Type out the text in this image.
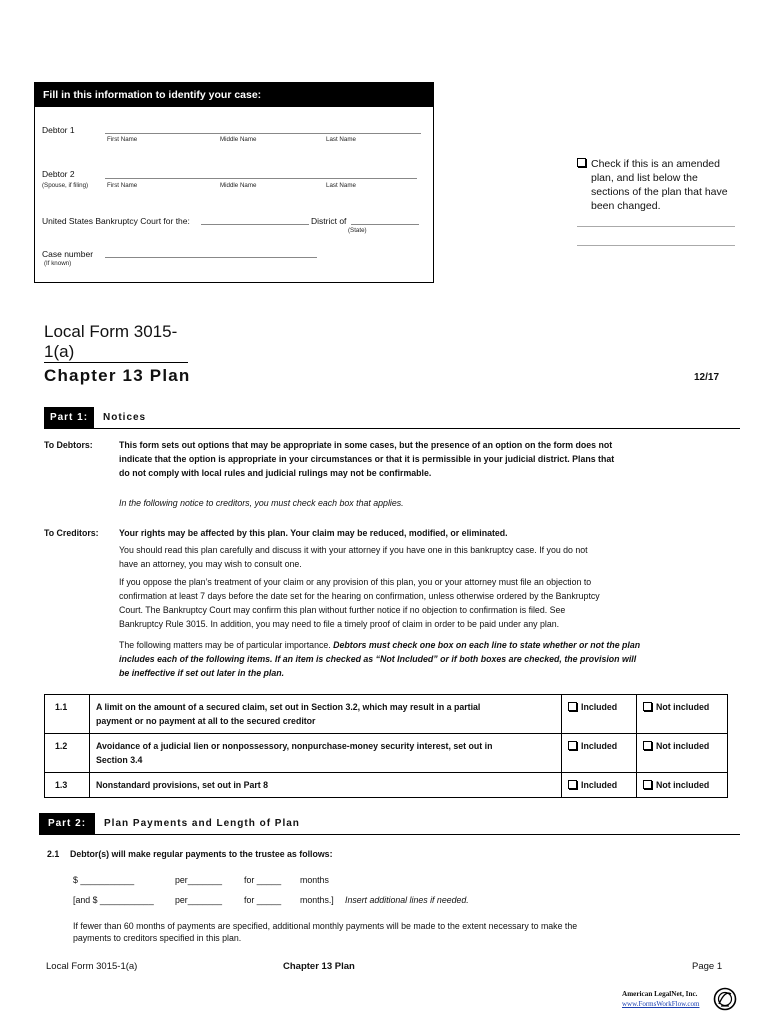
Fill in this information to identify your case:
Debtor 1
First Name	Middle Name	Last Name
Debtor 2
(Spouse, if filing)	First Name	Middle Name	Last Name
United States Bankruptcy Court for the:	District of
(State)
Case number
(If known)
Check if this is an amended
plan, and list below the
sections of the plan that have
been changed.
Local Form 3015-
1(a)
Chapter 13 Plan	12/17
Part 1:	Notices
To Debtors:	This form sets out options that may be appropriate in some cases, but the presence of an option on the form does not
indicate that the option is appropriate in your circumstances or that it is permissible in your judicial district. Plans that
do not comply with local rules and judicial rulings may not be confirmable.
In the following notice to creditors, you must check each box that applies.
To Creditors: Your rights may be affected by this plan. Your claim may be reduced, modified, or eliminated.
You should read this plan carefully and discuss it with your attorney if you have one in this bankruptcy case. If you do not
have an attorney, you may wish to consult one.
If you oppose the plan’s treatment of your claim or any provision of this plan, you or your attorney must file an objection to
confirmation at least 7 days before the date set for the hearing on confirmation, unless otherwise ordered by the Bankruptcy
Court. The Bankruptcy Court may confirm this plan without further notice if no objection to confirmation is filed. See
Bankruptcy Rule 3015. In addition, you may need to file a timely proof of claim in order to be paid under any plan.
The following matters may be of particular importance. Debtors must check one box on each line to state whether or not the plan
includes each of the following items. If an item is checked as “Not Included” or if both boxes are checked, the provision will
be ineffective if set out later in the plan.
1.1	A limit on the amount of a secured claim, set out in Section 3.2, which may result in a partial
payment or no payment at all to the secured creditor	Included	Not included
1.2	Avoidance of a judicial lien or nonpossessory, nonpurchase-money security interest, set out in
Section 3.4	Included	Not included
1.3	Nonstandard provisions, set out in Part 8	Included	Not included
Part 2:	Plan Payments and Length of Plan
2.1 Debtor(s) will make regular payments to the trustee as follows:
$ ___________	per_______	for _____ months
[and $ ___________ per_______	for _____ months.] Insert additional lines if needed.
If fewer than 60 months of payments are specified, additional monthly payments will be made to the extent necessary to make the
payments to creditors specified in this plan.
Local Form 3015-1(a)	Chapter 13 Plan	Page 1
American LegalNet, Inc.
www.FormsWorkFlow.com
